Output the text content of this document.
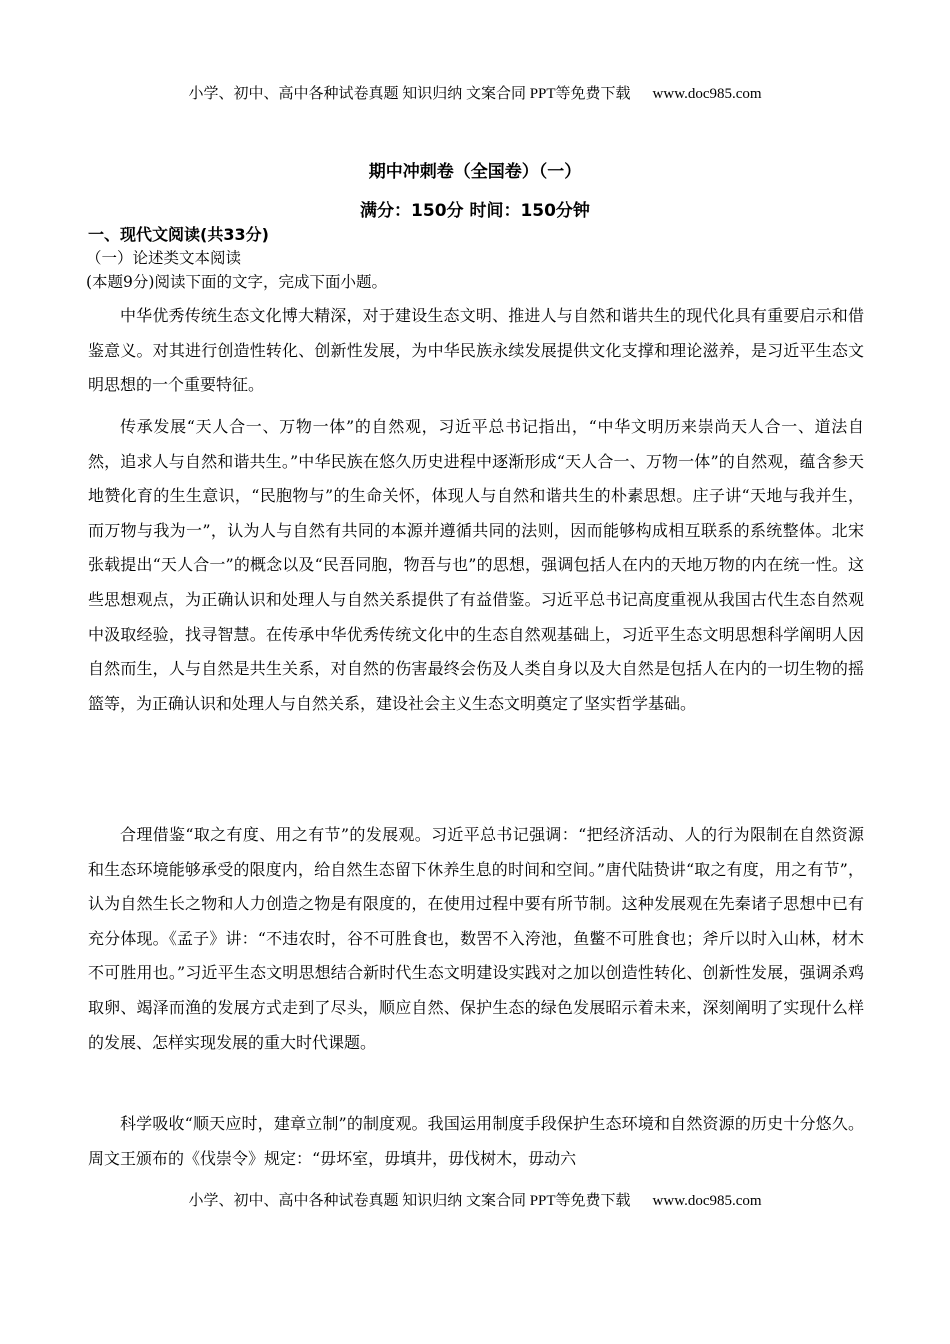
小学、初中、高中各种试卷真题 知识归纳 文案合同 PPT等免费下载 www.doc985.com
期中冲刺卷（全国卷）（一）
满分：150分 时间：150分钟
一、现代文阅读(共33分)
（一）论述类文本阅读
(本题9分)阅读下面的文字，完成下面小题。

中华优秀传统生态文化博大精深，对于建设生态文明、推进人与自然和谐共生的现代化具有重要启示和借鉴意义。对其进行创造性转化、创新性发展，为中华民族永续发展提供文化支撑和理论滋养，是习近平生态文明思想的一个重要特征。

传承发展“天人合一、万物一体”的自然观，习近平总书记指出，“中华文明历来崇尚天人合一、道法自然，追求人与自然和谐共生。”中华民族在悠久历史进程中逐渐形成“天人合一、万物一体”的自然观，蕴含参天地赞化育的生生意识，“民胞物与”的生命关怀，体现人与自然和谐共生的朴素思想。庄子讲“天地与我并生，而万物与我为一”，认为人与自然有共同的本源并遵循共同的法则，因而能够构成相互联系的系统整体。北宋张载提出“天人合一”的概念以及“民吾同胞，物吾与也”的思想，强调包括人在内的天地万物的内在统一性。这些思想观点，为正确认识和处理人与自然关系提供了有益借鉴。习近平总书记高度重视从我国古代生态自然观中汲取经验，找寻智慧。在传承中华优秀传统文化中的生态自然观基础上，习近平生态文明思想科学阐明人因自然而生，人与自然是共生关系，对自然的伤害最终会伤及人类自身以及大自然是包括人在内的一切生物的摇篮等，为正确认识和处理人与自然关系，建设社会主义生态文明奠定了坚实哲学基础。

合理借鉴“取之有度、用之有节”的发展观。习近平总书记强调：“把经济活动、人的行为限制在自然资源和生态环境能够承受的限度内，给自然生态留下休养生息的时间和空间。”唐代陆贽讲“取之有度，用之有节”，认为自然生长之物和人力创造之物是有限度的，在使用过程中要有所节制。这种发展观在先秦诸子思想中已有充分体现。《孟子》讲：“不违农时，谷不可胜食也，数罟不入洿池，鱼鳖不可胜食也；斧斤以时入山林，材木不可胜用也。”习近平生态文明思想结合新时代生态文明建设实践对之加以创造性转化、创新性发展，强调杀鸡取卵、竭泽而渔的发展方式走到了尽头，顺应自然、保护生态的绿色发展昭示着未来，深刻阐明了实现什么样的发展、怎样实现发展的重大时代课题。

科学吸收“顺天应时，建章立制”的制度观。我国运用制度手段保护生态环境和自然资源的历史十分悠久。周文王颁布的《伐崇令》规定：“毋坏室，毋填井，毋伐树木，毋动六

小学、初中、高中各种试卷真题 知识归纳 文案合同 PPT等免费下载 www.doc985.com
